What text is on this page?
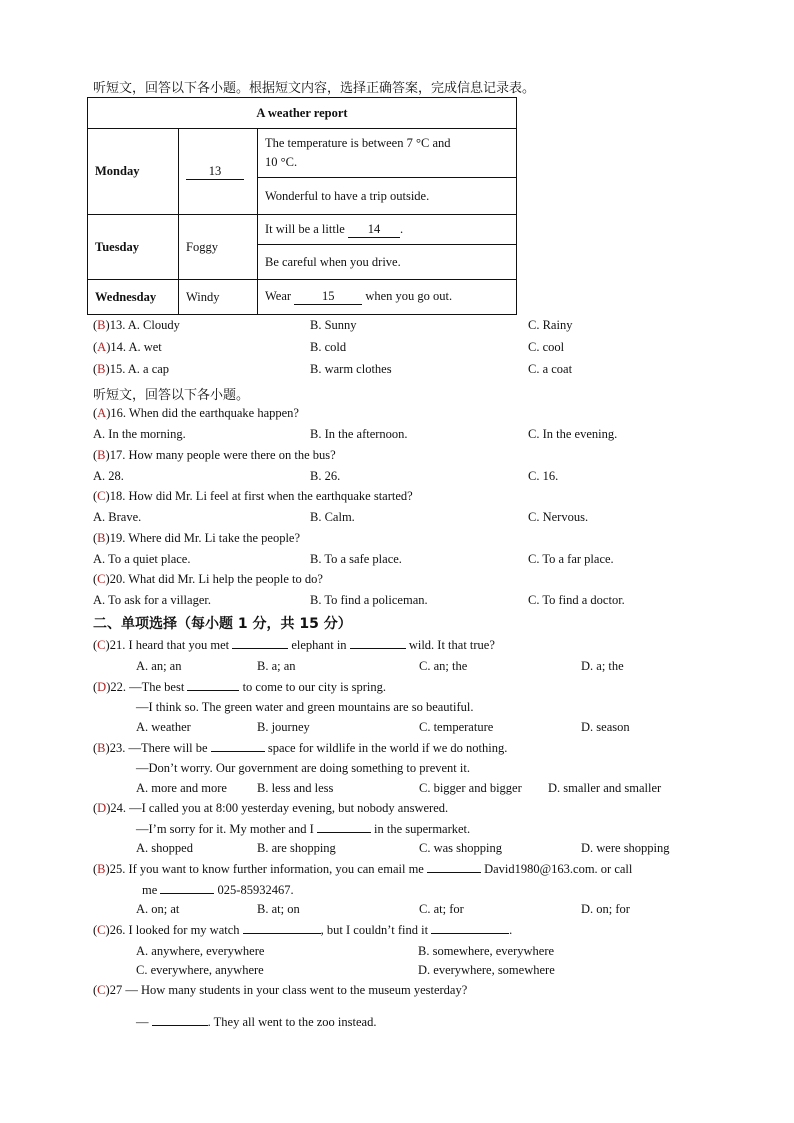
听短文，回答以下各小题。根据短文内容，选择正确答案，完成信息记录表。
A weather report		
Monday	13	The temperature is between 7 °C and
10 °C.

		Wonderful to have a trip outside.
Tuesday	Foggy	It will be a little 14 .
		Be careful when you drive.
Wednesday	Windy	Wear 15 when you go out.
(B)13. A. Cloudy	B. Sunny	C. Rainy
(A)14. A. wet	B. cold	C. cool
(B)15. A. a cap	B. warm clothes	C. a coat
听短文，回答以下各小题。
(A)16. When did the earthquake happen?
A. In the morning.	B. In the afternoon.	C. In the evening.
(B)17. How many people were there on the bus?
A. 28.	B. 26.	C. 16.
(C)18. How did Mr. Li feel at first when the earthquake started?
A. Brave.	B. Calm.	C. Nervous.
(B)19. Where did Mr. Li take the people?
A. To a quiet place.	B. To a safe place.	C. To a far place.
(C)20. What did Mr. Li help the people to do?
A. To ask for a villager.	B. To find a policeman.	C. To find a doctor.
二、单项选择（每小题 1 分，共 15 分）
(C)21. I heard that you met	elephant in	wild. It that true?
A. an; an	B. a; an	C. an; the	D. a; the
(D)22. —The best	to come to our city is spring.
—I think so. The green water and green mountains are so beautiful.
A. weather	B. journey	C. temperature	D. season
(B)23. —There will be	space for wildlife in the world if we do nothing.
—Don’t worry. Our government are doing something to prevent it.
A. more and more B. less and less	C. bigger and bigger D. smaller and smaller
(D)24. —I called you at 8:00 yesterday evening, but nobody answered.
—I’m sorry for it. My mother and I	in the supermarket.
A. shopped	B. are shopping	C. was shopping	D. were shopping
(B)25. If you want to know further information, you can email me	David1980@163.com. or call
me	025-85932467.
A. on; at	B. at; on	C. at; for	D. on; for
(C)26. I looked for my watch	, but I couldn’t find it	.
A. anywhere, everywhere	B. somewhere, everywhere
C. everywhere, anywhere	D. everywhere, somewhere
(C)27 — How many students in your class went to the museum yesterday?
—	. They all went to the zoo instead.
